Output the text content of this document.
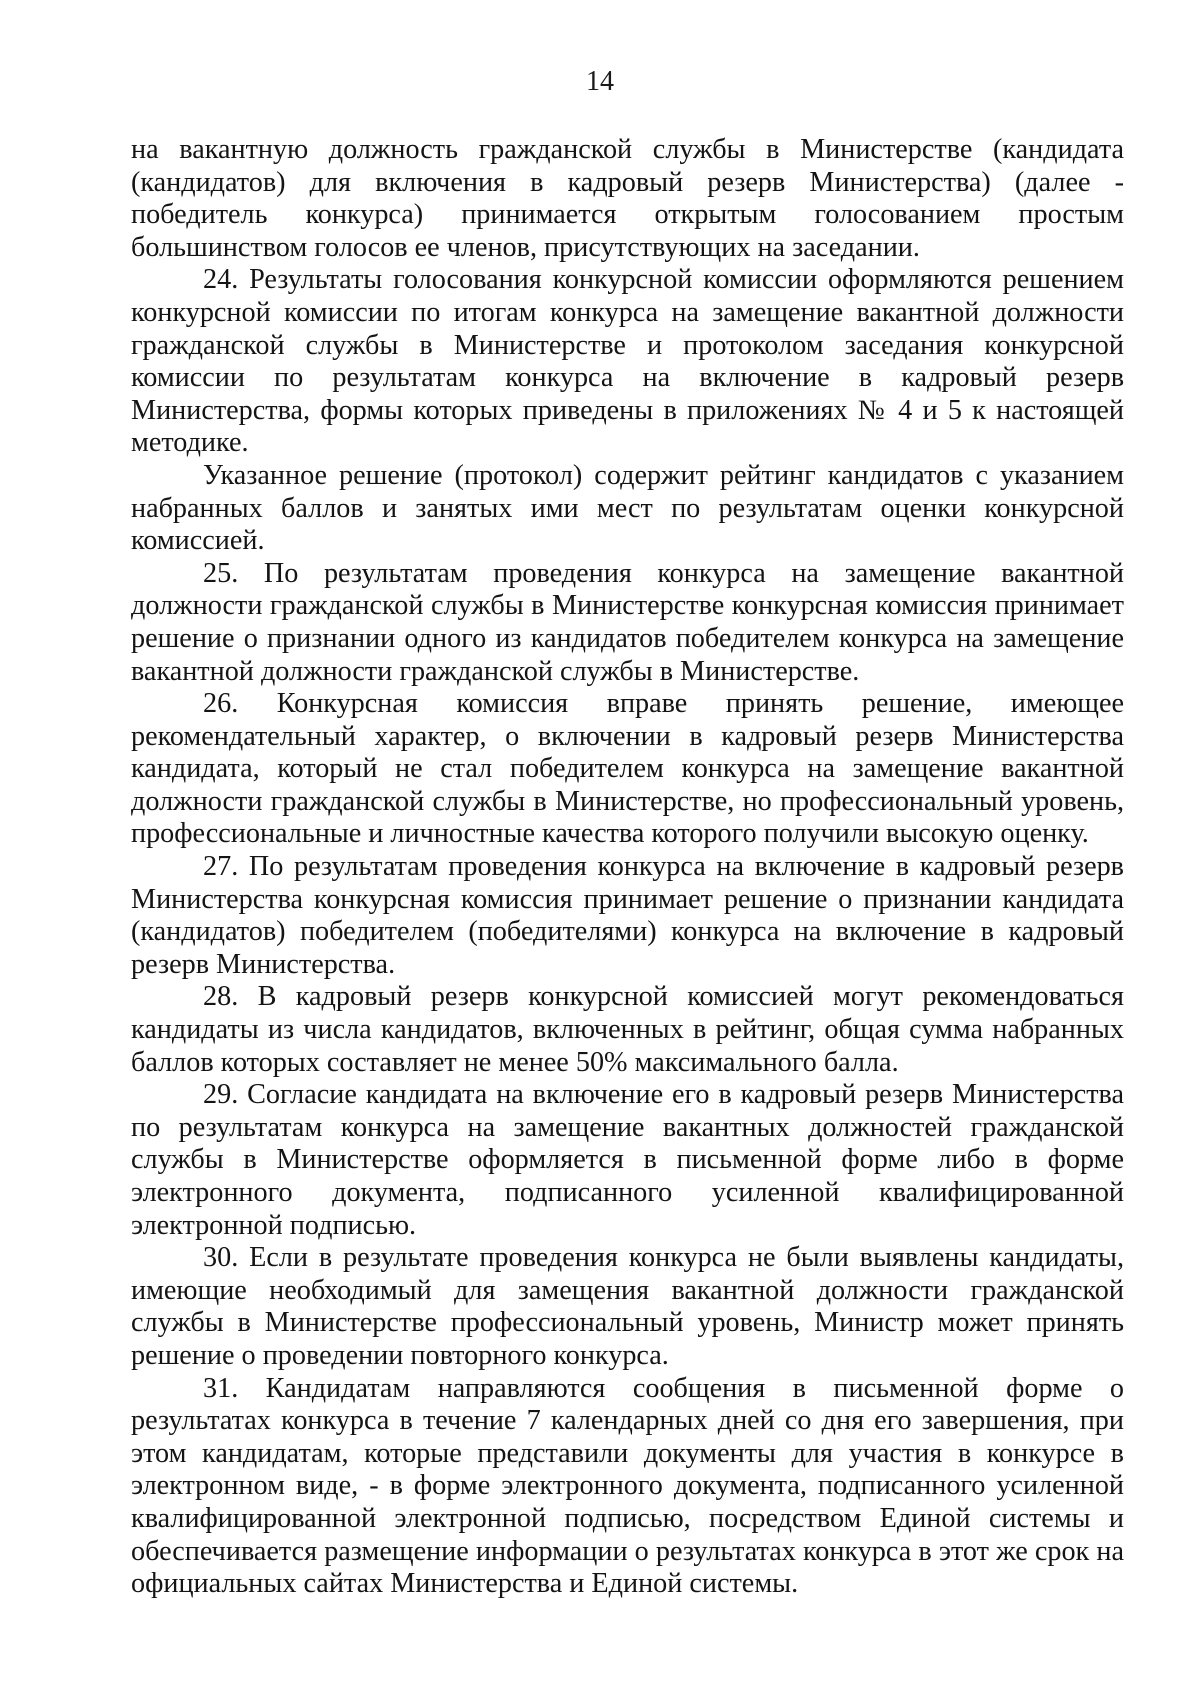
14

на вакантную должность гражданской службы в Министерстве (кандидата (кандидатов) для включения в кадровый резерв Министерства) (далее - победитель конкурса) принимается открытым голосованием простым большинством голосов ее членов, присутствующих на заседании.

24. Результаты голосования конкурсной комиссии оформляются решением конкурсной комиссии по итогам конкурса на замещение вакантной должности гражданской службы в Министерстве и протоколом заседания конкурсной комиссии по результатам конкурса на включение в кадровый резерв Министерства, формы которых приведены в приложениях № 4 и 5 к настоящей методике.

Указанное решение (протокол) содержит рейтинг кандидатов с указанием набранных баллов и занятых ими мест по результатам оценки конкурсной комиссией.

25. По результатам проведения конкурса на замещение вакантной должности гражданской службы в Министерстве конкурсная комиссия принимает решение о признании одного из кандидатов победителем конкурса на замещение вакантной должности гражданской службы в Министерстве.

26. Конкурсная комиссия вправе принять решение, имеющее рекомендательный характер, о включении в кадровый резерв Министерства кандидата, который не стал победителем конкурса на замещение вакантной должности гражданской службы в Министерстве, но профессиональный уровень, профессиональные и личностные качества которого получили высокую оценку.

27. По результатам проведения конкурса на включение в кадровый резерв Министерства конкурсная комиссия принимает решение о признании кандидата (кандидатов) победителем (победителями) конкурса на включение в кадровый резерв Министерства.

28. В кадровый резерв конкурсной комиссией могут рекомендоваться кандидаты из числа кандидатов, включенных в рейтинг, общая сумма набранных баллов которых составляет не менее 50% максимального балла.

29. Согласие кандидата на включение его в кадровый резерв Министерства по результатам конкурса на замещение вакантных должностей гражданской службы в Министерстве оформляется в письменной форме либо в форме электронного документа, подписанного усиленной квалифицированной электронной подписью.

30. Если в результате проведения конкурса не были выявлены кандидаты, имеющие необходимый для замещения вакантной должности гражданской службы в Министерстве профессиональный уровень, Министр может принять решение о проведении повторного конкурса.

31. Кандидатам направляются сообщения в письменной форме о результатах конкурса в течение 7 календарных дней со дня его завершения, при этом кандидатам, которые представили документы для участия в конкурсе в электронном виде, - в форме электронного документа, подписанного усиленной квалифицированной электронной подписью, посредством Единой системы и обеспечивается размещение информации о результатах конкурса в этот же срок на официальных сайтах Министерства и Единой системы.
